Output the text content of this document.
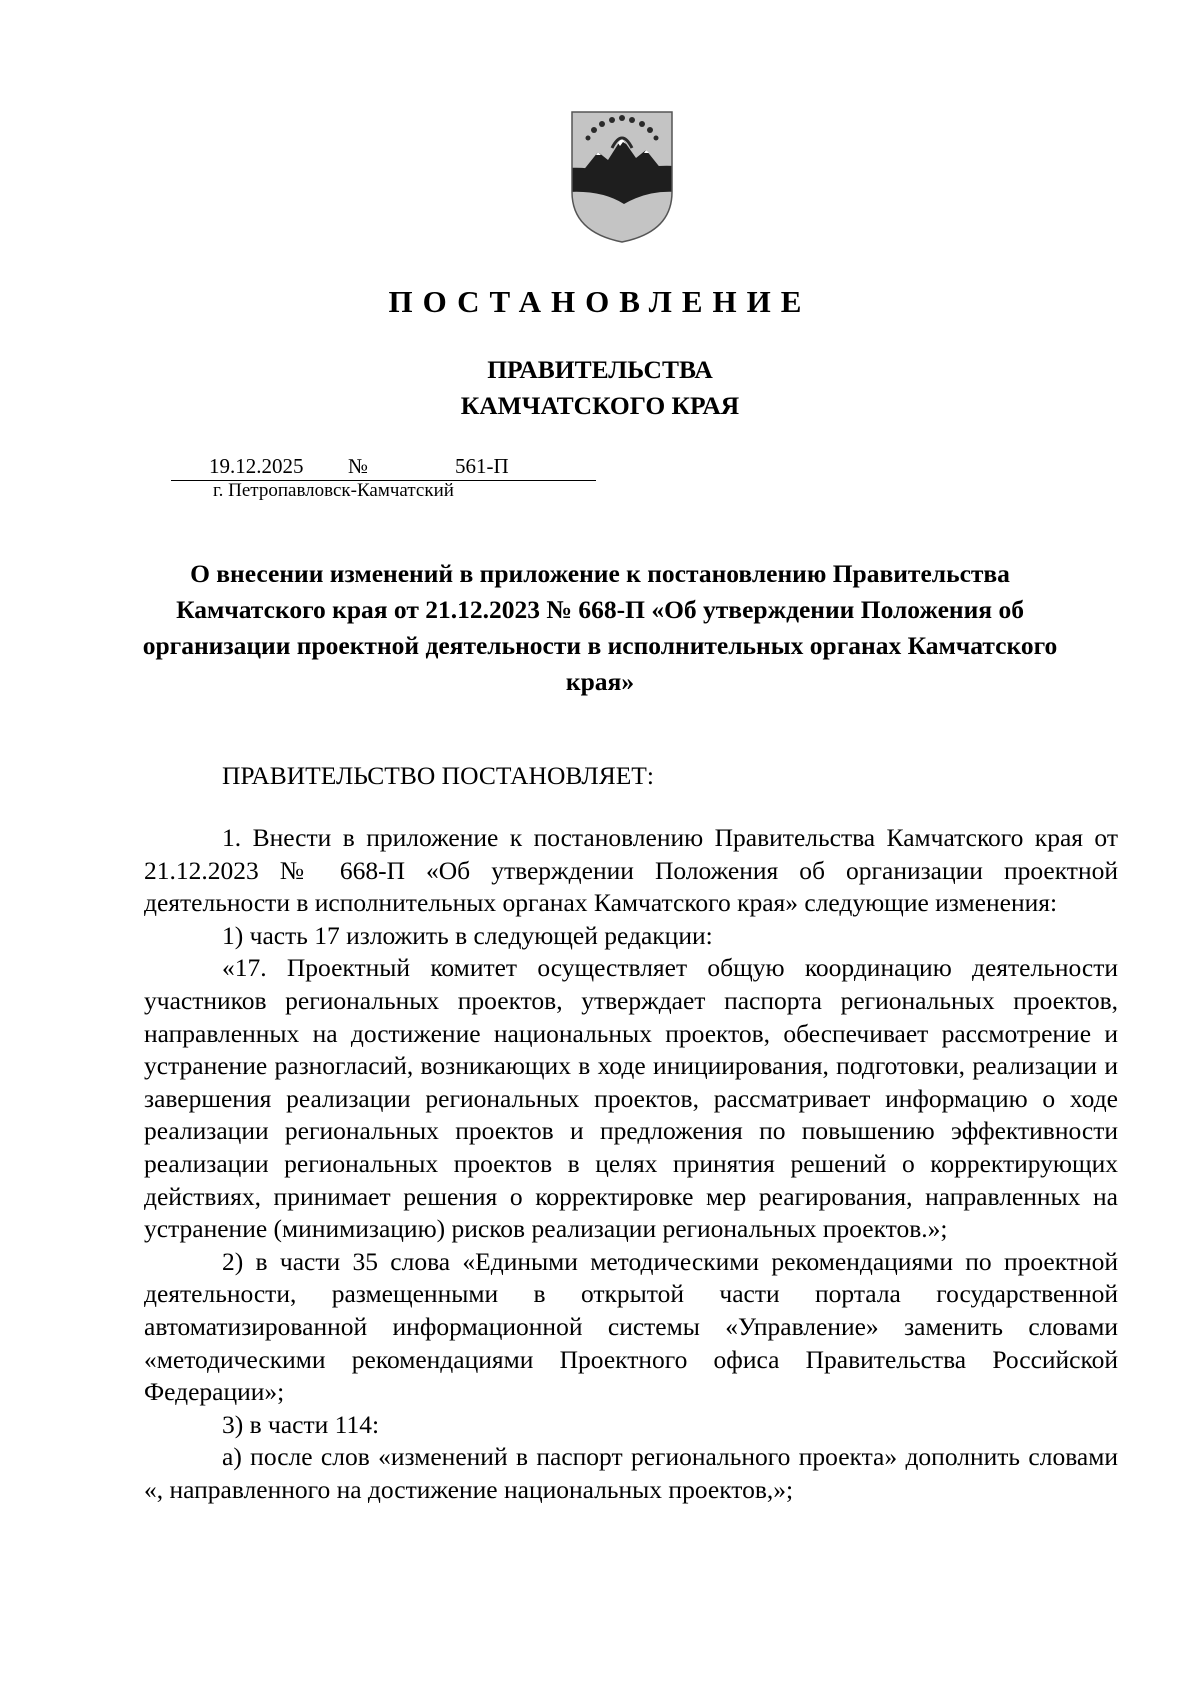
ПОСТАНОВЛЕНИЕ
ПРАВИТЕЛЬСТВА
КАМЧАТСКОГО КРАЯ
19.12.2025 №	561-П
г. Петропавловск-Камчатский
О внесении изменений в приложение к постановлению Правительства Камчатского края от 21.12.2023 № 668-П «Об утверждении Положения об организации проектной деятельности в исполнительных органах Камчатского края»
ПРАВИТЕЛЬСТВО ПОСТАНОВЛЯЕТ:

1. Внести в приложение к постановлению Правительства Камчатского края от 21.12.2023 № 668-П «Об утверждении Положения об организации проектной деятельности в исполнительных органах Камчатского края» следующие изменения:

1) часть 17 изложить в следующей редакции:

«17. Проектный комитет осуществляет общую координацию деятельности участников региональных проектов, утверждает паспорта региональных проектов, направленных на достижение национальных проектов, обеспечивает рассмотрение и устранение разногласий, возникающих в ходе инициирования, подготовки, реализации и завершения реализации региональных проектов, рассматривает информацию о ходе реализации региональных проектов и предложения по повышению эффективности реализации региональных проектов в целях принятия решений о корректирующих действиях, принимает решения о корректировке мер реагирования, направленных на устранение (минимизацию) рисков реализации региональных проектов.»;

2) в части 35 слова «Едиными методическими рекомендациями по проектной деятельности, размещенными в открытой части портала государственной автоматизированной информационной системы «Управление» заменить словами «методическими рекомендациями Проектного офиса Правительства Российской Федерации»;

3) в части 114:

а) после слов «изменений в паспорт регионального проекта» дополнить словами «, направленного на достижение национальных проектов,»;
